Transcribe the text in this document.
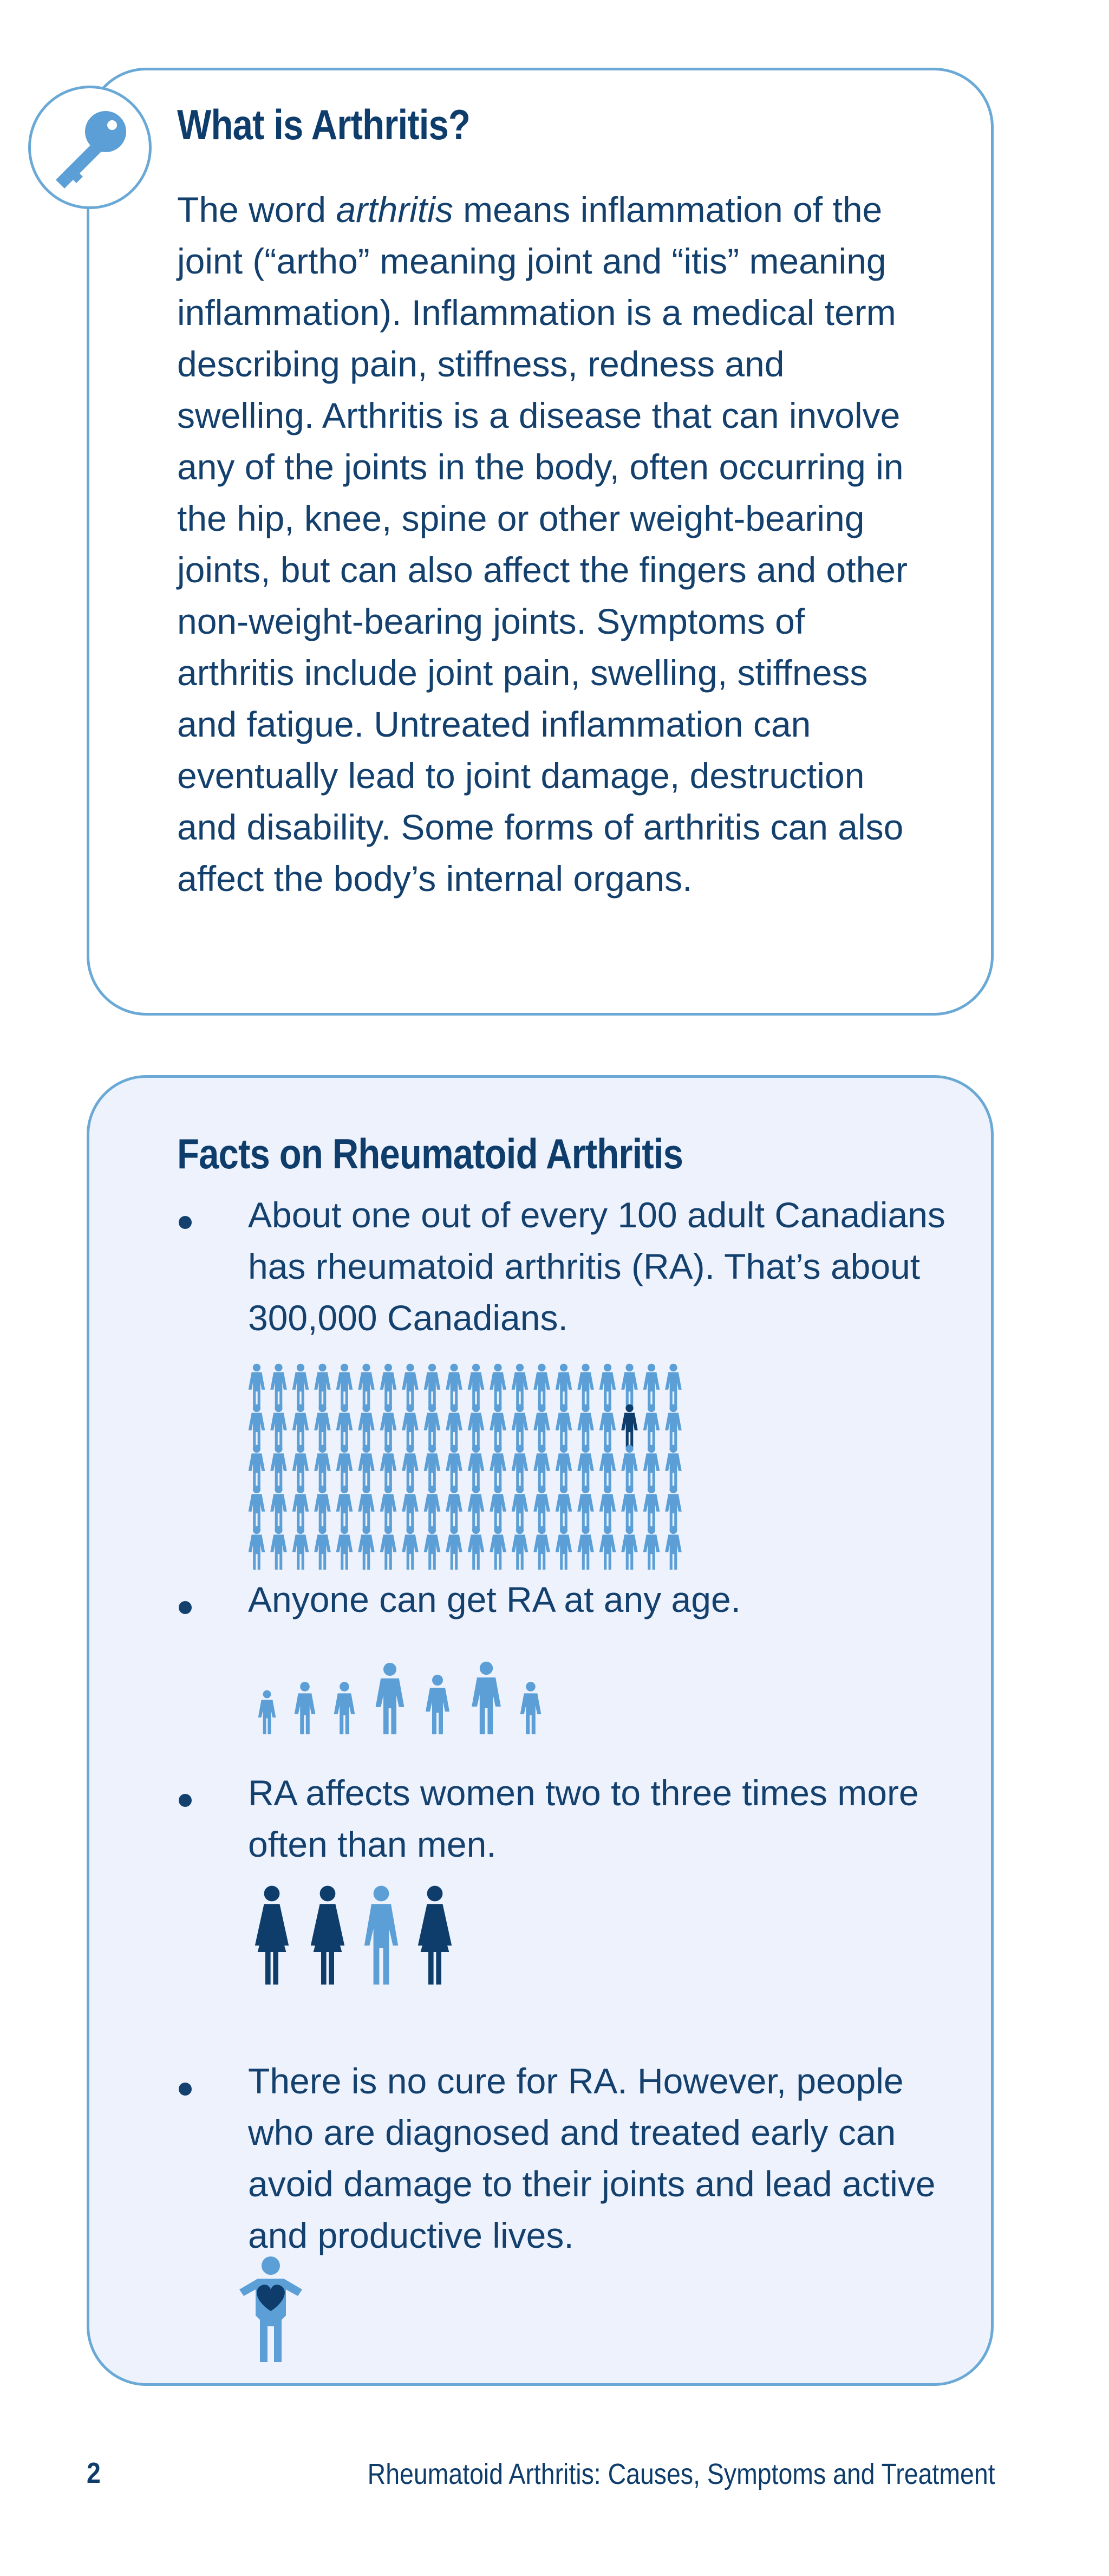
What is Arthritis?

The word arthritis means inflammation of the joint (“artho” meaning joint and “itis” meaning inflammation). Inflammation is a medical term describing pain, stiffness, redness and swelling. Arthritis is a disease that can involve any of the joints in the body, often occurring in the hip, knee, spine or other weight-bearing joints, but can also affect the fingers and other non-weight-bearing joints. Symptoms of arthritis include joint pain, swelling, stiffness and fatigue. Untreated inflammation can eventually lead to joint damage, destruction and disability. Some forms of arthritis can also affect the body’s internal organs.

Facts on Rheumatoid Arthritis

About one out of every 100 adult Canadians has rheumatoid arthritis (RA). That’s about 300,000 Canadians.

Anyone can get RA at any age.

RA affects women two to three times more often than men.

There is no cure for RA. However, people who are diagnosed and treated early can avoid damage to their joints and lead active and productive lives.

2	Rheumatoid Arthritis: Causes, Symptoms and Treatment
